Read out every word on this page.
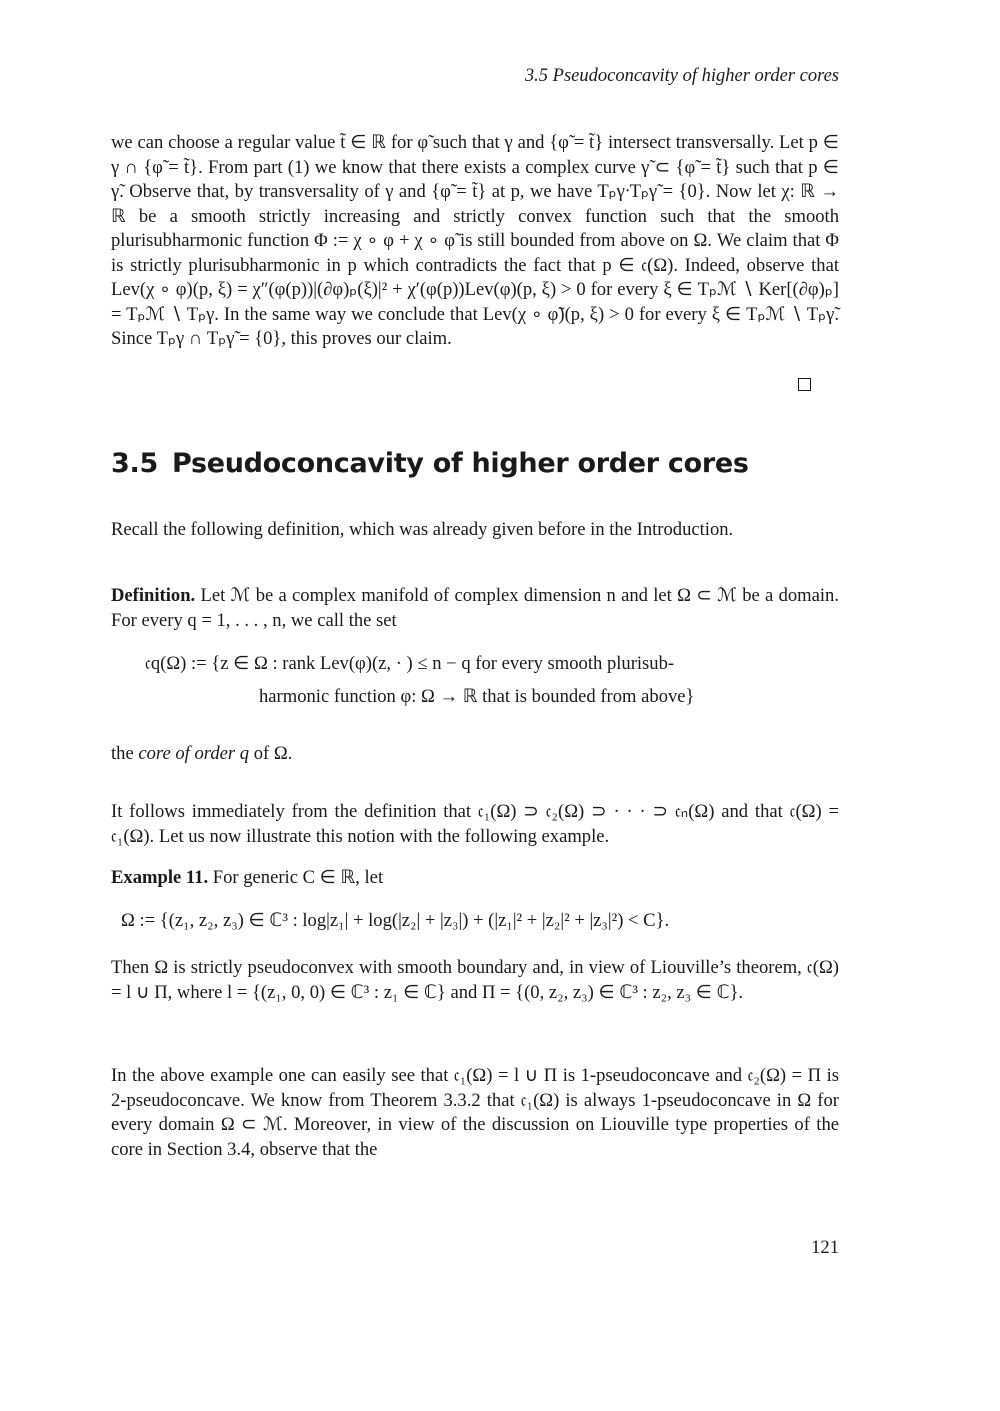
3.5 Pseudoconcavity of higher order cores
we can choose a regular value t̃ ∈ ℝ for φ̃ such that γ and {φ̃ = t̃} intersect transversally. Let p ∈ γ ∩ {φ̃ = t̃}. From part (1) we know that there exists a complex curve γ̃ ⊂ {φ̃ = t̃} such that p ∈ γ̃. Observe that, by transversality of γ and {φ̃ = t̃} at p, we have TₚγᐧTₚγ̃ = {0}. Now let χ: ℝ → ℝ be a smooth strictly increasing and strictly convex function such that the smooth plurisubharmonic function Φ := χ ∘ φ + χ ∘ φ̃ is still bounded from above on Ω. We claim that Φ is strictly plurisubharmonic in p which contradicts the fact that p ∈ 𝔠(Ω). Indeed, observe that Lev(χ ∘ φ)(p, ξ) = χ″(φ(p))|(∂φ)ₚ(ξ)|² + χ′(φ(p))Lev(φ)(p, ξ) > 0 for every ξ ∈ Tₚℳ ∖ Ker[(∂φ)ₚ] = Tₚℳ ∖ Tₚγ. In the same way we conclude that Lev(χ ∘ φ̃)(p, ξ) > 0 for every ξ ∈ Tₚℳ ∖ Tₚγ̃. Since Tₚγ ∩ Tₚγ̃ = {0}, this proves our claim.
3.5 Pseudoconcavity of higher order cores
Recall the following definition, which was already given before in the Introduction.
Definition. Let ℳ be a complex manifold of complex dimension n and let Ω ⊂ ℳ be a domain. For every q = 1, . . . , n, we call the set
𝔠q(Ω) := {z ∈ Ω : rank Lev(φ)(z, · ) ≤ n − q for every smooth plurisub-
harmonic function φ: Ω → ℝ that is bounded from above}
the core of order q of Ω.
It follows immediately from the definition that 𝔠₁(Ω) ⊃ 𝔠₂(Ω) ⊃ · · · ⊃ 𝔠ₙ(Ω) and that 𝔠(Ω) = 𝔠₁(Ω). Let us now illustrate this notion with the following example.
Example 11. For generic C ∈ ℝ, let
Ω := {(z₁, z₂, z₃) ∈ ℂ³ : log|z₁| + log(|z₂| + |z₃|) + (|z₁|² + |z₂|² + |z₃|²) < C}.
Then Ω is strictly pseudoconvex with smooth boundary and, in view of Liouville’s theorem, 𝔠(Ω) = l ∪ Π, where l = {(z₁, 0, 0) ∈ ℂ³ : z₁ ∈ ℂ} and Π = {(0, z₂, z₃) ∈ ℂ³ : z₂, z₃ ∈ ℂ}.
In the above example one can easily see that 𝔠₁(Ω) = l ∪ Π is 1-pseudoconcave and 𝔠₂(Ω) = Π is 2-pseudoconcave. We know from Theorem 3.3.2 that 𝔠₁(Ω) is always 1-pseudoconcave in Ω for every domain Ω ⊂ ℳ. Moreover, in view of the discussion on Liouville type properties of the core in Section 3.4, observe that the
121
